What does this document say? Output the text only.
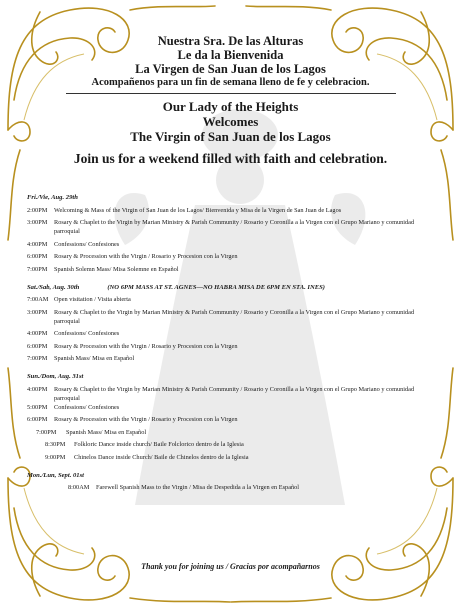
Nuestra Sra. De las Alturas
Le da la Bienvenida
La Virgen de San Juan de los Lagos
Acompañenos para un fin de semana lleno de fe y celebracion.
Our Lady of the Heights
Welcomes
The Virgin of San Juan de los Lagos
Join us for a weekend filled with faith and celebration.
Fri./Vie, Aug. 29th
2:00PM	Welcoming & Mass of the Virgin of San Juan de los Lagos/ Bienvenida y Misa de la Virgen de San Juan de Lagos
3:00PM	Rosary & Chaplet to the Virgin by Marian Ministry & Parish Community / Rosario y Coronilla a la Virgen con el Grupo Mariano y comunidad parroquial
4:00PM	Confessions/ Confesiones
6:00PM	Rosary & Procession with the Virgin / Rosario y Procesion con la Virgen
7:00PM	Spanish Solemn Mass/ Misa Solemne en Español
Sat./Sab, Aug. 30th	(NO 6PM MASS AT ST. AGNES—NO HABRA MISA DE 6PM EN STA. INES)
7:00AM Open visitation / Visita abierta
3:00PM	Rosary & Chaplet to the Virgin by Marian Ministry & Parish Community / Rosario y Coronilla a la Virgen con el Grupo Mariano y comunidad parroquial
4:00PM	Confessions/ Confesiones
6:00PM	Rosary & Procession with the Virgin / Rosario y Procesion con la Virgen
7:00PM	Spanish Mass/ Misa en Español
Sun./Dom, Aug. 31st
4:00PM	Rosary & Chaplet to the Virgin by Marian Ministry & Parish Community / Rosario y Coronilla a la Virgen con el Grupo Mariano y comunidad parroquial
5:00PM	Confessions/ Confesiones
6:00PM	Rosary & Procession with the Virgin / Rosario y Procesion con la Virgen
7:00PM	Spanish Mass/ Misa en Español
8:30PM	Folkloric Dance inside church/ Baile Folclorico dentro de la Iglesia
9:00PM	Chinelos Dance inside Church/ Baile de Chinelos dentro de la Iglesia
Mon./Lun, Sept. 01st
8:00AM	Farewell Spanish Mass to the Virgin / Misa de Despedida a la Virgen en Español
Thank you for joining us / Gracias por acompañarnos
